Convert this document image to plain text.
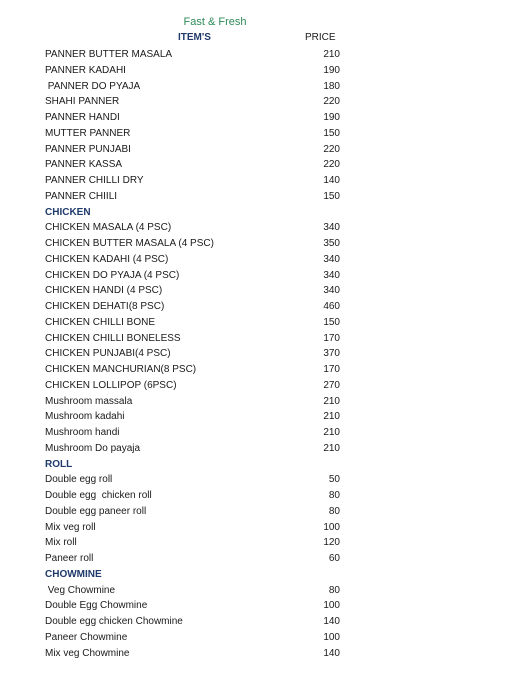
Fast & Fresh
ITEM'S	PRICE
PANNER BUTTER MASALA	210
PANNER KADAHI	190
PANNER DO PYAJA	180
SHAHI PANNER	220
PANNER HANDI	190
MUTTER PANNER	150
PANNER PUNJABI	220
PANNER KASSA	220
PANNER CHILLI DRY	140
PANNER CHIILI	150
CHICKEN
CHICKEN MASALA (4 PSC)	340
CHICKEN BUTTER MASALA (4 PSC)	350
CHICKEN KADAHI (4 PSC)	340
CHICKEN DO PYAJA (4 PSC)	340
CHICKEN HANDI (4 PSC)	340
CHICKEN DEHATI(8 PSC)	460
CHICKEN CHILLI BONE	150
CHICKEN CHILLI BONELESS	170
CHICKEN PUNJABI(4 PSC)	370
CHICKEN MANCHURIAN(8 PSC)	170
CHICKEN LOLLIPOP (6PSC)	270
Mushroom massala	210
Mushroom kadahi	210
Mushroom handi	210
Mushroom Do payaja	210
ROLL
Double egg roll	50
Double egg  chicken roll	80
Double egg paneer roll	80
Mix veg roll	100
Mix roll	120
Paneer roll	60
CHOWMINE
Veg Chowmine	80
Double Egg Chowmine	100
Double egg chicken Chowmine	140
Paneer Chowmine	100
Mix veg Chowmine	140
